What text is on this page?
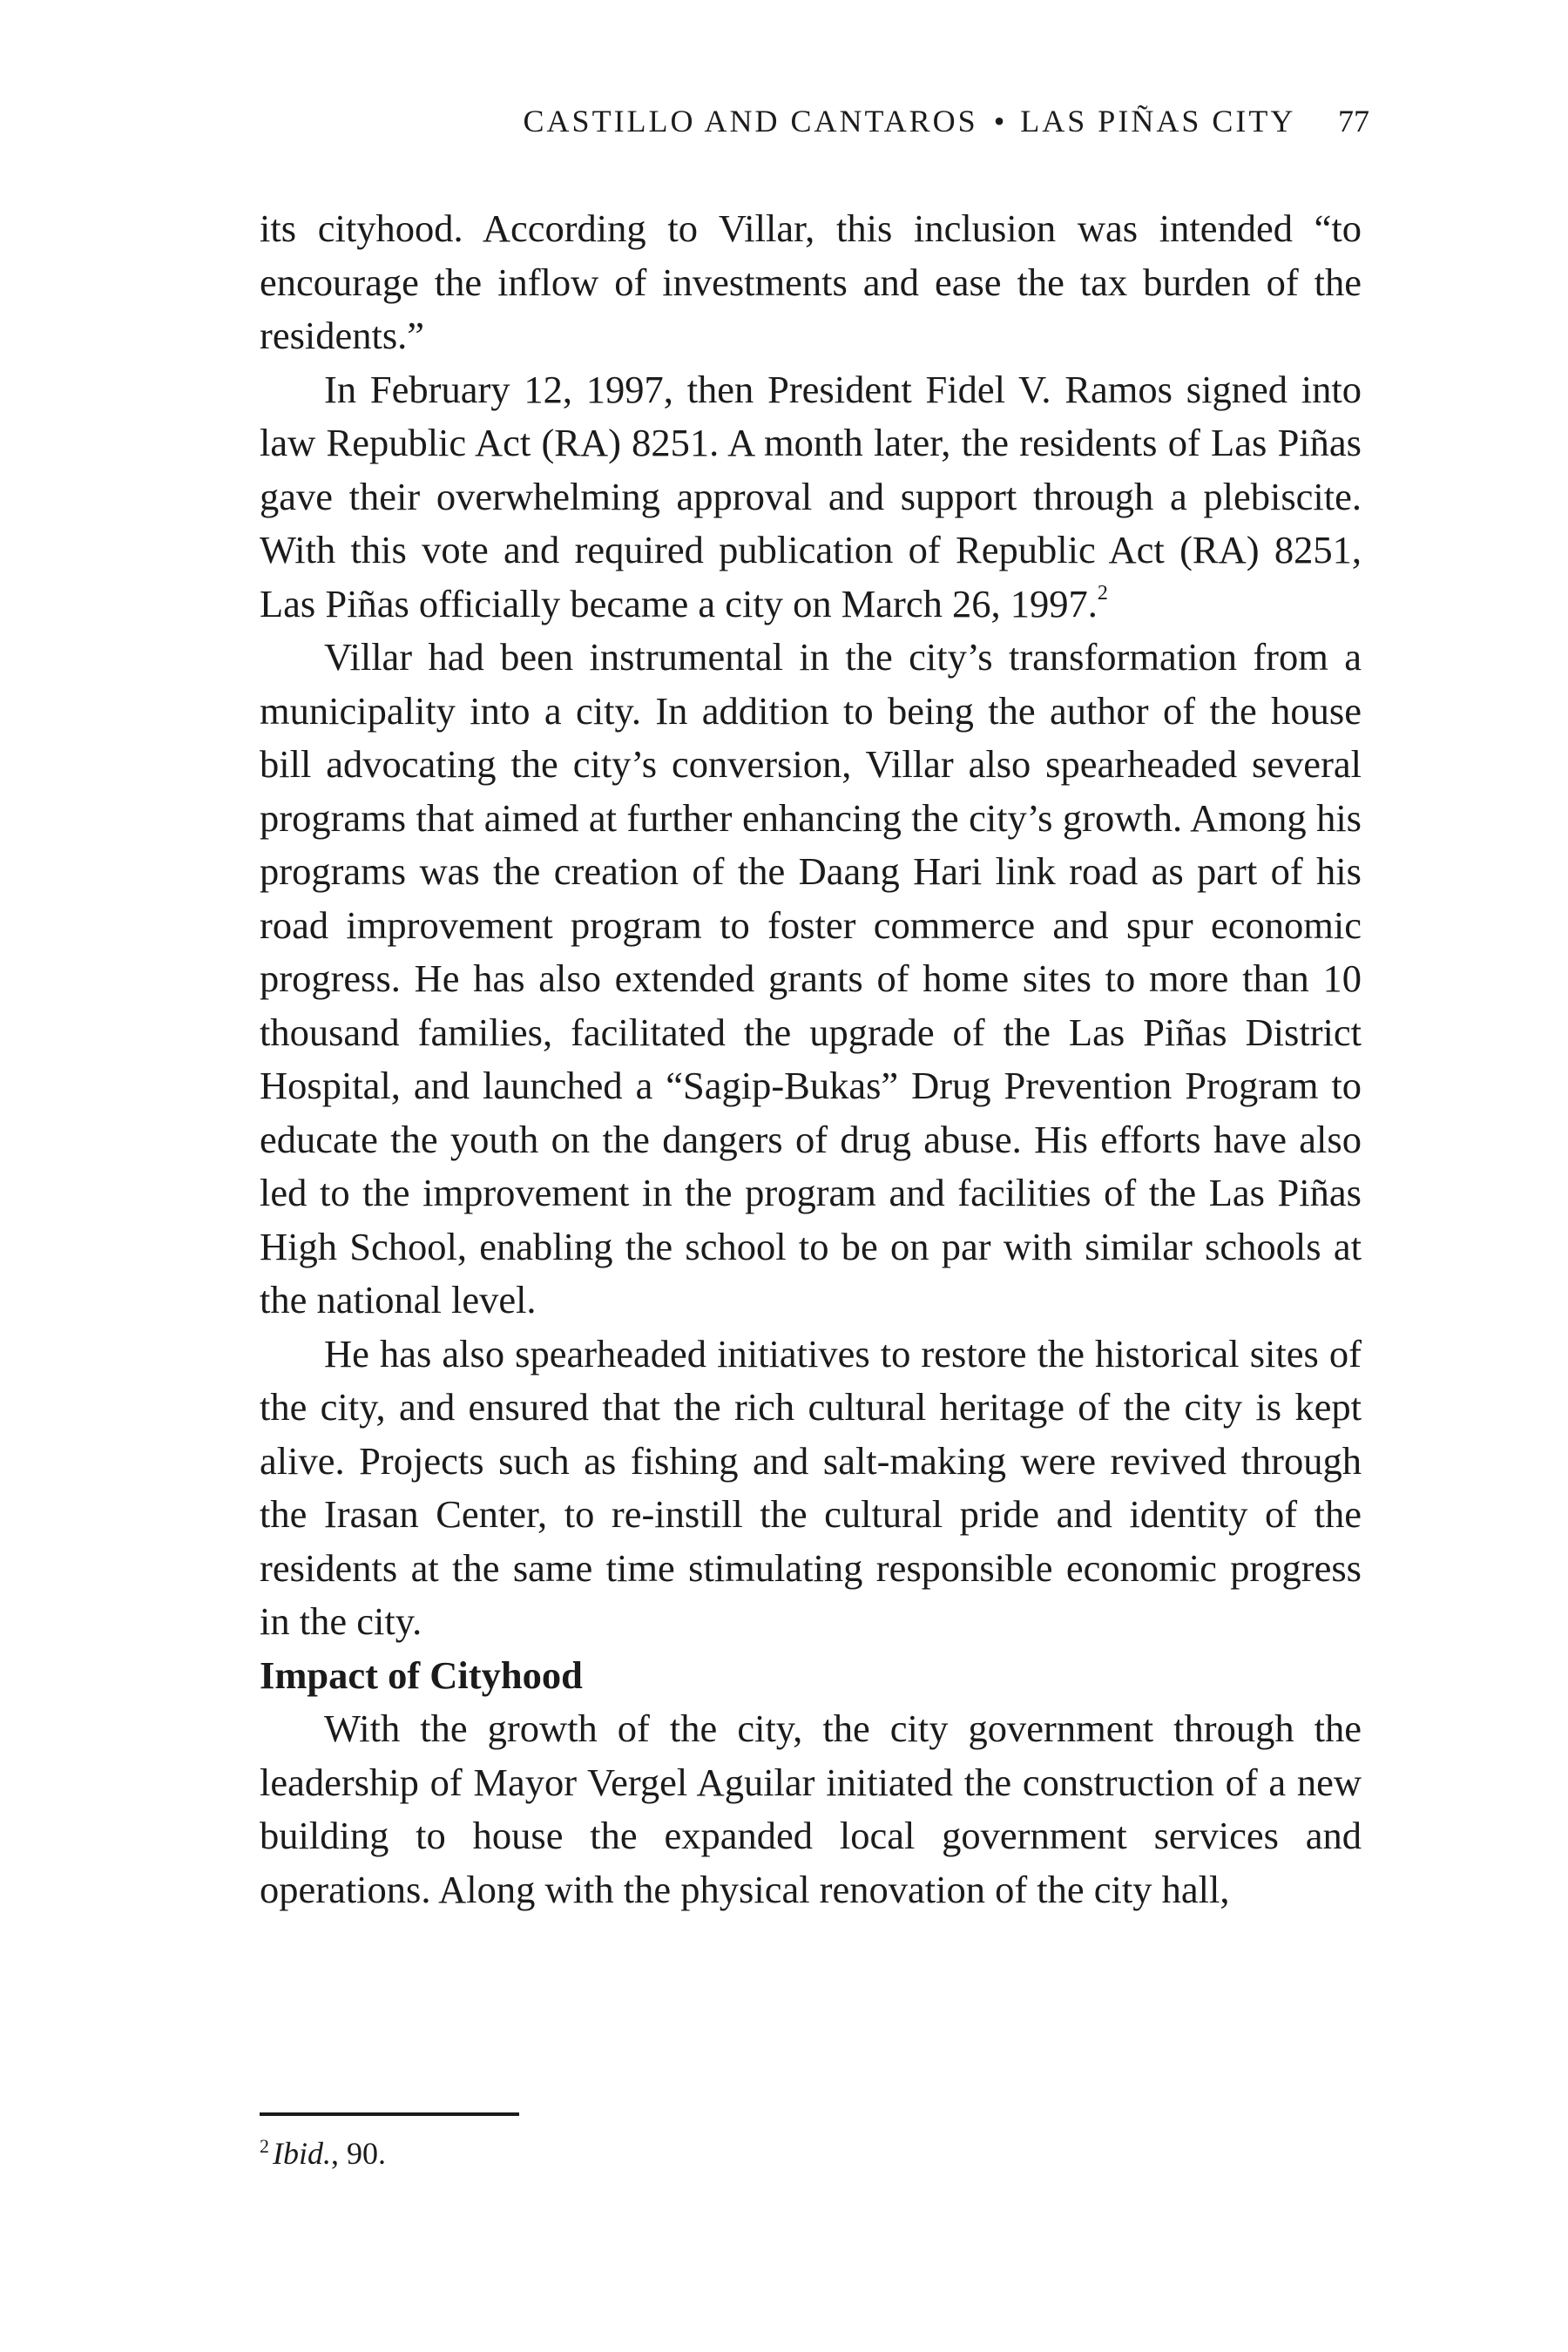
CASTILLO AND CANTAROS • LAS PIÑAS CITY 77

its cityhood. According to Villar, this inclusion was intended “to encourage the inflow of investments and ease the tax burden of the residents.”

In February 12, 1997, then President Fidel V. Ramos signed into law Republic Act (RA) 8251. A month later, the residents of Las Piñas gave their overwhelming approval and support through a plebiscite. With this vote and required publication of Republic Act (RA) 8251, Las Piñas officially became a city on March 26, 1997.$^2$

Villar had been instrumental in the city’s transformation from a municipality into a city. In addition to being the author of the house bill advocating the city’s conversion, Villar also spearheaded several programs that aimed at further enhancing the city’s growth. Among his programs was the creation of the Daang Hari link road as part of his road improvement program to foster commerce and spur economic progress. He has also extended grants of home sites to more than 10 thousand families, facilitated the upgrade of the Las Piñas District Hospital, and launched a “Sagip-Bukas” Drug Prevention Program to educate the youth on the dangers of drug abuse. His efforts have also led to the improvement in the program and facilities of the Las Piñas High School, enabling the school to be on par with similar schools at the national level.

He has also spearheaded initiatives to restore the historical sites of the city, and ensured that the rich cultural heritage of the city is kept alive. Projects such as fishing and salt-making were revived through the Irasan Center, to re-instill the cultural pride and identity of the residents at the same time stimulating responsible economic progress in the city.

Impact of Cityhood

With the growth of the city, the city government through the leadership of Mayor Vergel Aguilar initiated the construction of a new building to house the expanded local government services and operations. Along with the physical renovation of the city hall,

$^2$ Ibid., 90.
